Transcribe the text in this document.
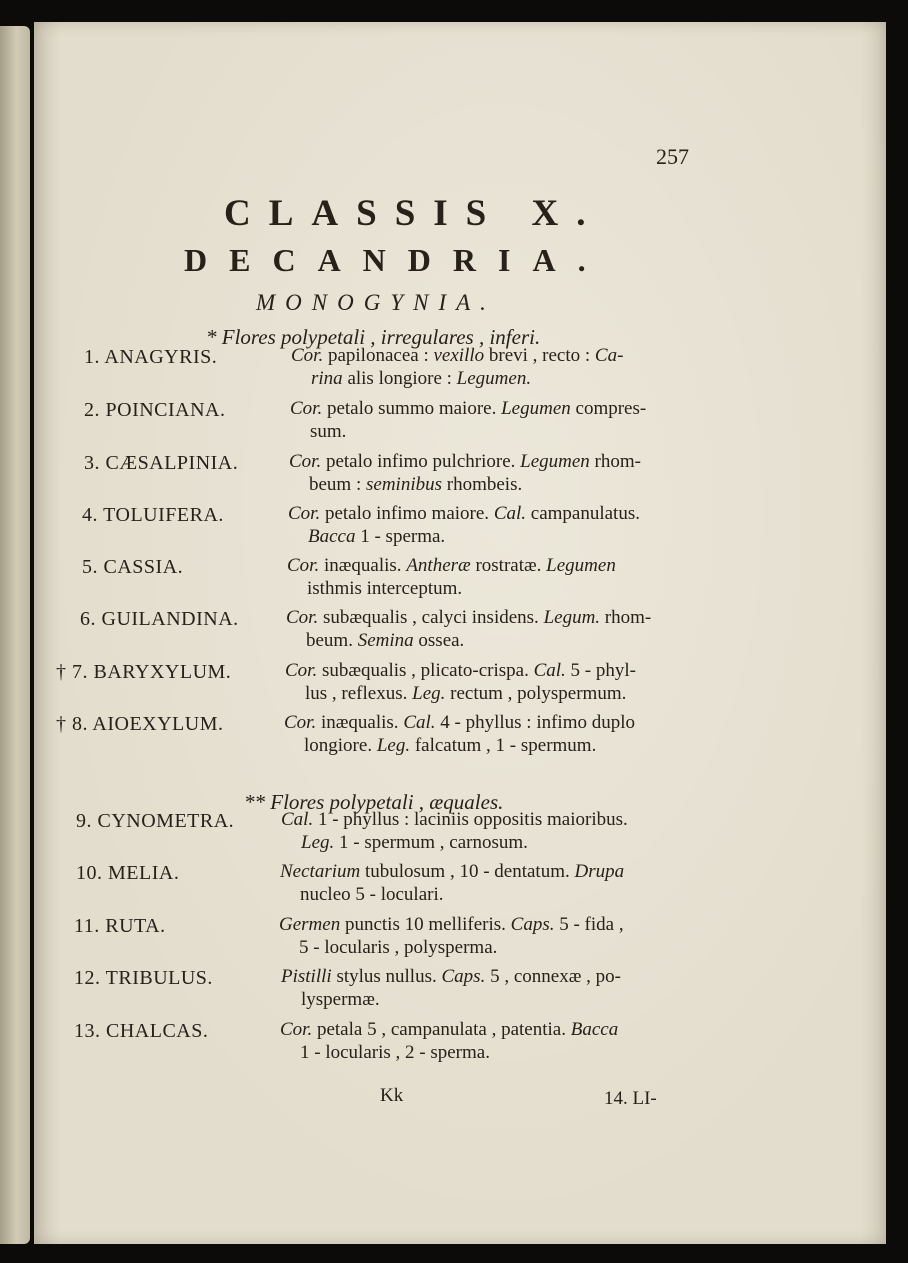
257
CLASSIS X.
DECANDRIA.
MONOGYNIA.
* Flores polypetali , irregulares , inferi.
** Flores polypetali , æquales.
1. ANAGYRIS.	Cor. papilonacea : vexillo brevi , recto : Ca-
rina alis longiore : Legumen.
2. POINCIANA.	Cor. petalo summo maiore. Legumen compres-
sum.
3. CÆSALPINIA.	Cor. petalo infimo pulchriore. Legumen rhom-
beum : seminibus rhombeis.
4. TOLUIFERA.	Cor. petalo infimo maiore. Cal. campanulatus.
Bacca 1 - sperma.
5. CASSIA.	Cor. inæqualis. Antheræ rostratæ. Legumen
isthmis interceptum.
6. GUILANDINA. Cor. subæqualis , calyci insidens. Legum. rhom-
beum. Semina ossea.
† 7. BARYXYLUM.	Cor. subæqualis , plicato-crispa. Cal. 5 - phyl-
lus , reflexus. Leg. rectum , polyspermum.
† 8. AIOEXYLUM.	Cor. inæqualis. Cal. 4 - phyllus : infimo duplo
longiore. Leg. falcatum , 1 - spermum.
9. CYNOMETRA. Cal. 1 - phyllus : laciniis oppositis maioribus.
Leg. 1 - spermum , carnosum.
10. MELIA.	Nectarium tubulosum , 10 - dentatum. Drupa
nucleo 5 - loculari.
11. RUTA.	Germen punctis 10 melliferis. Caps. 5 - fida ,
5 - locularis , polysperma.
12. TRIBULUS.	Pistilli stylus nullus. Caps. 5 , connexæ , po-
lyspermæ.
13. CHALCAS.	Cor. petala 5 , campanulata , patentia. Bacca
1 - locularis , 2 - sperma.
Kk	14. LI-
